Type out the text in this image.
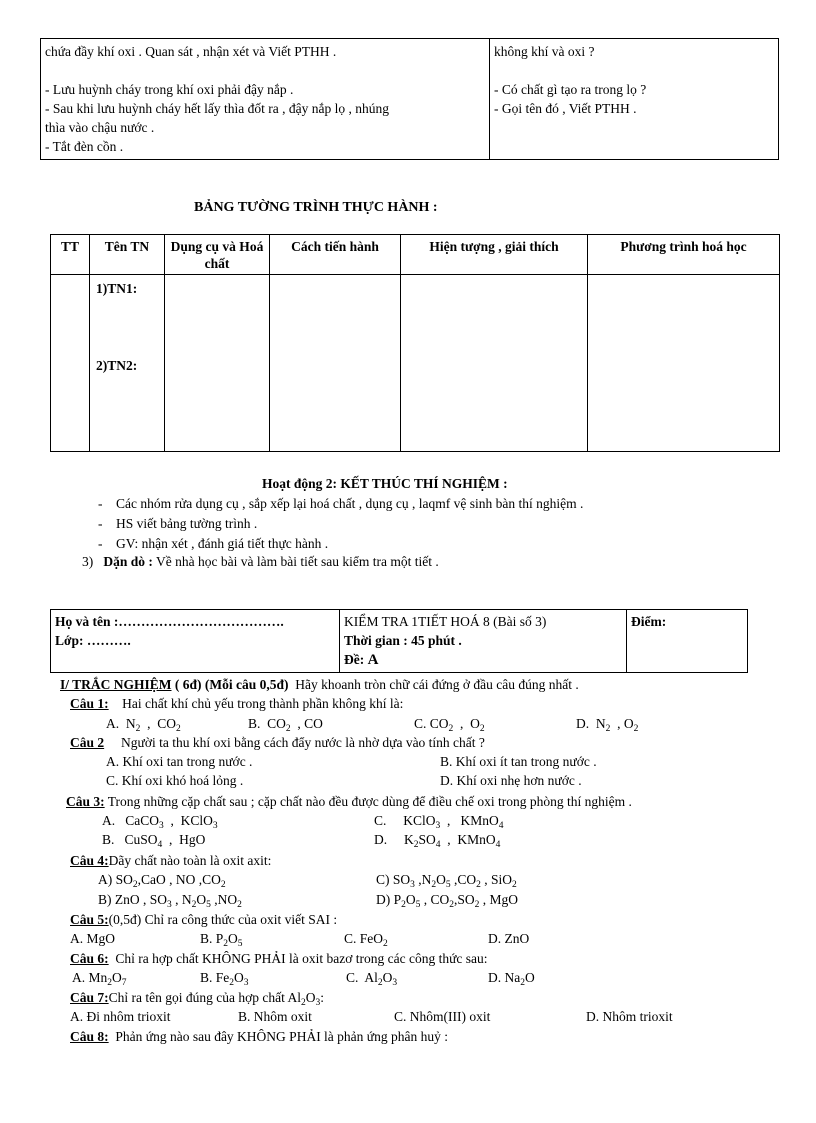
chứa đầy khí oxi . Quan sát , nhận xét và Viết PTHH .
- Lưu huỳnh cháy trong khí oxi phải đậy nắp .
- Sau khi lưu huỳnh cháy hết lấy thìa đốt ra , đậy nắp lọ , nhúng
thìa vào chậu nước .
- Tắt đèn cồn .

không khí và oxi ?
- Có chất gì tạo ra trong lọ ?
- Gọi tên đó , Viết PTHH .
BẢNG TƯỜNG TRÌNH THỰC HÀNH :
TT	Tên TN	Dụng cụ và Hoá chất	Cách tiến hành	Hiện tượng , giải thích	Phương trình hoá học

	1)TN1:
2)TN2:				

Hoạt động 2: KẾT THÚC THÍ NGHIỆM :
-    Các nhóm rửa dụng cụ , sắp xếp lại hoá chất , dụng cụ , laqmf vệ sinh bàn thí nghiệm .
-    HS viết bảng tường trình .
-    GV: nhận xét , đánh giá tiết thực hành .
3) Dặn dò : Về nhà học bài và làm bài tiết sau kiểm tra một tiết .
Họ và tên :……………………………….
Lớp: ……….

KIỂM TRA 1TIẾT HOÁ 8 (Bài số 3)
Thời gian : 45 phút .
Đề: A

Điểm:
I/ TRẮC NGHIỆM ( 6đ) (Mỗi câu 0,5đ) Hãy khoanh tròn chữ cái đứng ở đầu câu đúng nhất .
Câu 1: Hai chất khí chủ yếu trong thành phần không khí là:
A.  $N_2$  ,  $CO_2$	B.  $CO_2$  , CO	C. $CO_2$  ,  $O_2$	D.  $N_2$  , $O_2$
Câu 2 Người ta thu khí oxi bằng cách đẩy nước là nhờ dựa vào tính chất ?
A. Khí oxi tan trong nước .	B. Khí oxi ít tan trong nước .
C. Khí oxi khó hoá lỏng .	D. Khí oxi nhẹ hơn nước .
Câu 3: Trong những cặp chất sau ; cặp chất nào đều được dùng để điều chế oxi trong phòng thí nghiệm .
A.   CaCO$_3$  ,  KClO$_3$	C.     KClO$_3$  ,   KMnO$_4$
B.   CuSO$_4$  ,  HgO	D.     $K_2SO_4$  ,  KMnO$_4$
Câu 4:Dãy chất nào toàn là oxit axit:
A) $SO_2,CaO$ , NO $,CO_2$	C) $SO_3$ $,N_2O_5$ $,CO_2$ , SiO$_2$
B) ZnO , $SO_3$ , $N_2O_5$ $,NO_2$	D) $P_2O_5$ , $CO_2,SO_2$ , MgO
Câu 5:(0,5đ) Chỉ ra công thức của oxit viết SAI :
A. MgO	B. $P_2O_5$	C. FeO$_2$	D. ZnO
Câu 6: Chỉ ra hợp chất KHÔNG PHẢI là oxit bazơ trong các công thức sau:
A. $Mn_2O_7$	B. $Fe_2O_3$	C.  $Al_2O_3$	D. $Na_2O$
Câu 7:Chỉ ra tên gọi đúng của hợp chất $Al_2O_3$:
A. Đi nhôm trioxit	B. Nhôm oxit	C. Nhôm(III) oxit	D. Nhôm trioxit
Câu 8: Phản ứng nào sau đây KHÔNG PHẢI là phản ứng phân huỷ :
